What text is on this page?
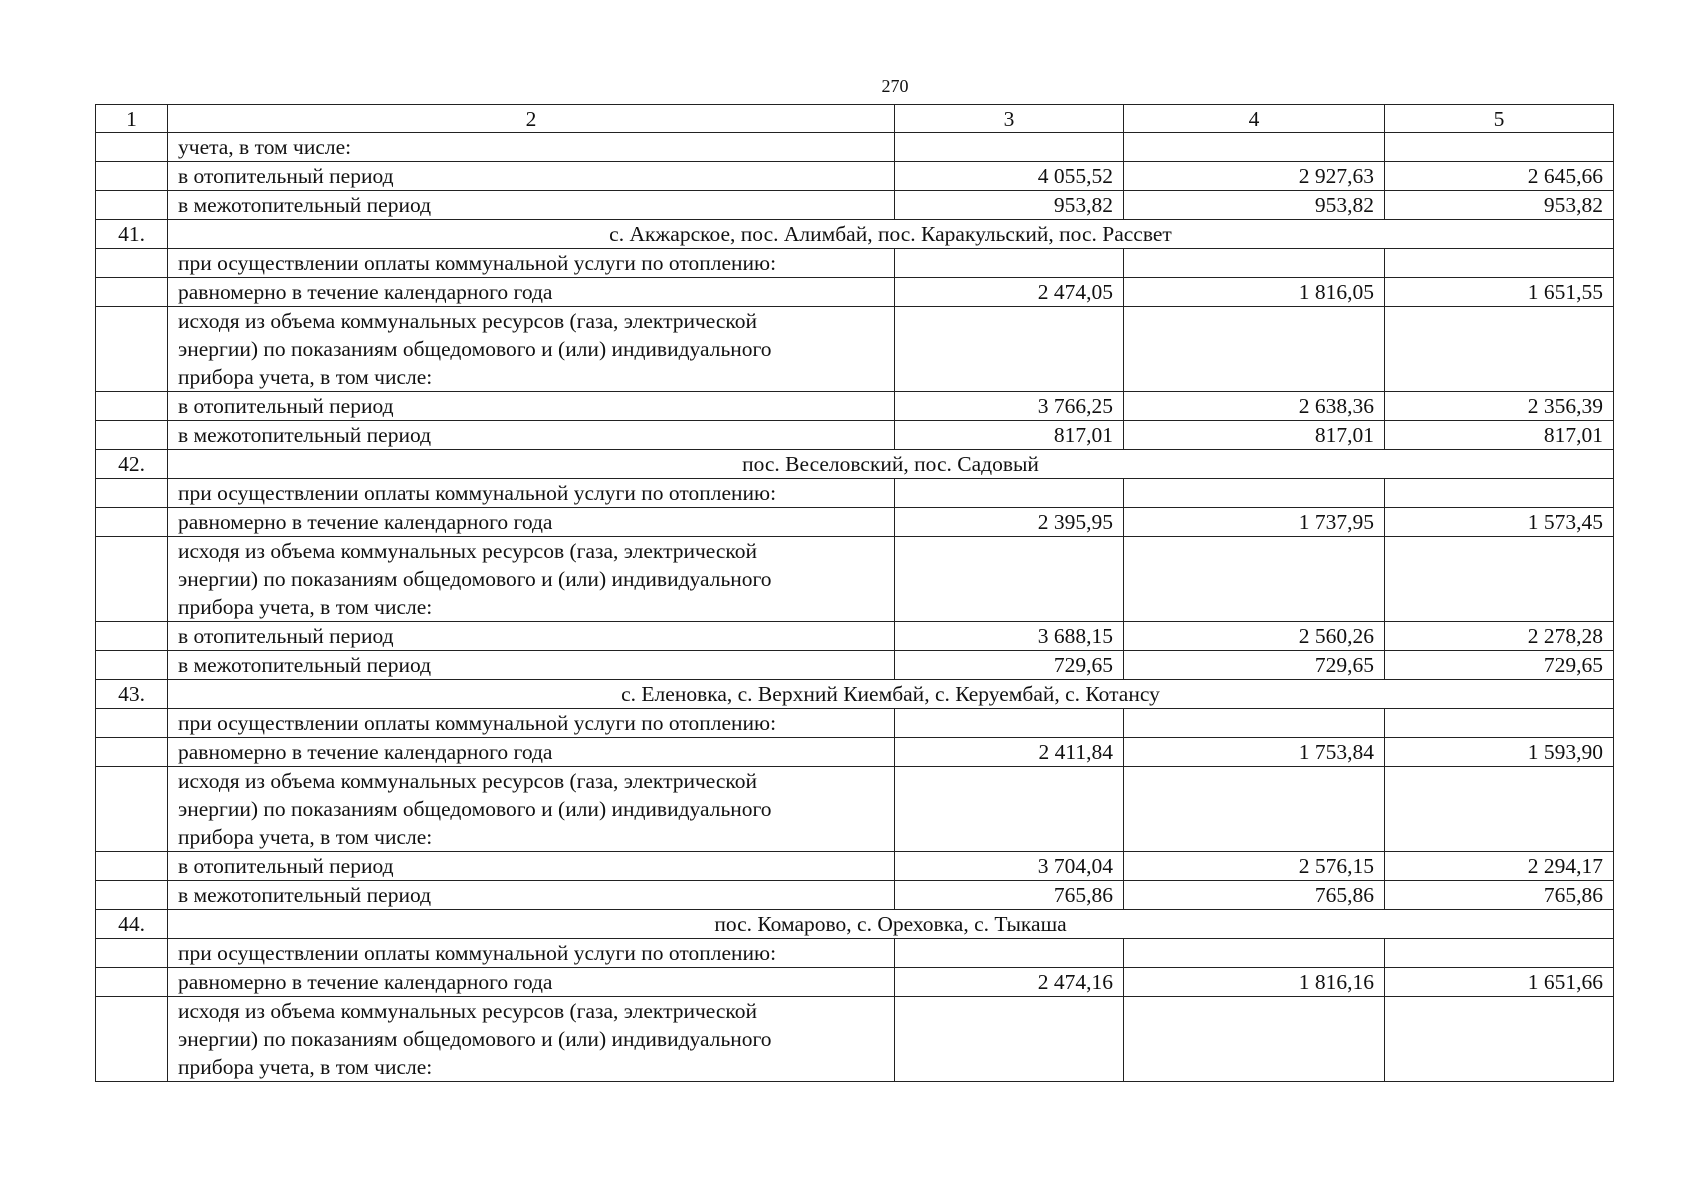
270
1	2	3	4	5
	учета, в том числе:			
	в отопительный период	4 055,52	2 927,63	2 645,66
	в межотопительный период	953,82	953,82	953,82
41.	с. Акжарское, пос. Алимбай, пос. Каракульский, пос. Рассвет			
	при осуществлении оплаты коммунальной услуги по отоплению:			
	равномерно в течение календарного года	2 474,05	1 816,05	1 651,55

	исходя из объема коммунальных ресурсов (газа, электрической
энергии) по показаниям общедомового и (или) индивидуального
прибора учета, в том числе:			

	в отопительный период	3 766,25	2 638,36	2 356,39
	в межотопительный период	817,01	817,01	817,01
42.	пос. Веселовский, пос. Садовый			
	при осуществлении оплаты коммунальной услуги по отоплению:			
	равномерно в течение календарного года	2 395,95	1 737,95	1 573,45

	исходя из объема коммунальных ресурсов (газа, электрической
энергии) по показаниям общедомового и (или) индивидуального
прибора учета, в том числе:			

	в отопительный период	3 688,15	2 560,26	2 278,28
	в межотопительный период	729,65	729,65	729,65
43.	с. Еленовка, с. Верхний Киембай, с. Керуембай, с. Котансу			
	при осуществлении оплаты коммунальной услуги по отоплению:			
	равномерно в течение календарного года	2 411,84	1 753,84	1 593,90

	исходя из объема коммунальных ресурсов (газа, электрической
энергии) по показаниям общедомового и (или) индивидуального
прибора учета, в том числе:			

	в отопительный период	3 704,04	2 576,15	2 294,17
	в межотопительный период	765,86	765,86	765,86
44.	пос. Комарово, с. Ореховка, с. Тыкаша			
	при осуществлении оплаты коммунальной услуги по отоплению:			
	равномерно в течение календарного года	2 474,16	1 816,16	1 651,66

	исходя из объема коммунальных ресурсов (газа, электрической
энергии) по показаниям общедомового и (или) индивидуального
прибора учета, в том числе:			
